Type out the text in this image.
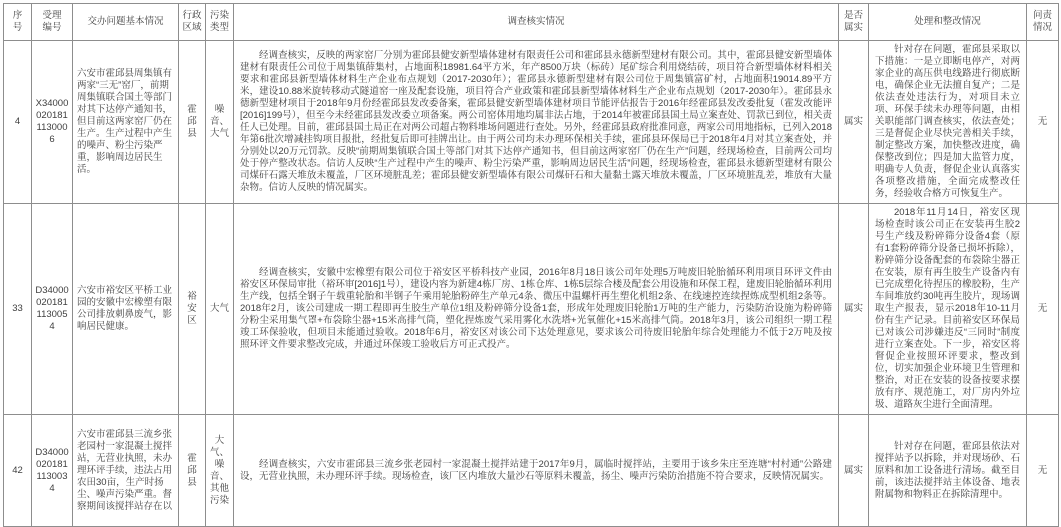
序号	受理编号	交办问题基本情况	行政区域	污染类型	调查核实情况	是否属实	处理和整改情况	问责情况
4	X340000201811130006	六安市霍邱县周集镇有两家“三无”窑厂，前期周集镇联合国土等部门对其下达停产通知书，但目前这两家窑厂仍在生产。生产过程中产生的噪声、粉尘污染严重，影响周边居民生活。	霍邱县	噪音、大气	经调查核实，反映的两家窑厂分别为霍邱县健安新型墙体建材有限责任公司和霍邱县永德新型建材有限公司。其中，霍邱县健安新型墙体建材有限责任公司位于周集镇薛集村，占地面积18981.64平方米，年产8500万块（标砖）尾矿综合利用烧结砖，项目符合新型墙体材料相关要求和霍邱县新型墙体材料生产企业布点规划（2017-2030年）；霍邱县永德新型建材有限公司位于周集镇富矿村，占地面积19014.89平方米，建设10.88米旋转移动式隧道窑一座及配套设施，项目符合产业政策和霍邱县新型墙体材料生产企业布点规划（2017-2030年）。霍邱县永德新型建材项目于2018年9月份经霍邱县发改委备案，霍邱县健安新型墙体建材项目节能评估报告于2016年经霍邱县发改委批复（霍发改能评[2016]199号），但至今未经霍邱县发改委立项备案。两公司窑体用地均属非法占地，于2014年被霍邱县国土局立案查处、罚款已到位，相关责任人已处理。目前，霍邱县国土局正在对两公司超占物料堆场问题进行查处。另外，经霍邱县政府批准同意，两家公司用地指标，已列入2018年第6批次增减挂钩项目报批，经批复后即可挂牌出让。由于两公司均未办理环保相关手续，霍邱县环保局已于2018年4月对其立案查处，并分别处以20万元罚款。反映“前期周集镇联合国土等部门对其下达停产通知书，但目前这两家窑厂仍在生产”问题，经现场检查，目前两公司均处于停产整改状态。信访人反映“生产过程中产生的噪声、粉尘污染严重，影响周边居民生活”问题，经现场检查，霍邱县永德新型建材有限公司煤矸石露天堆放未覆盖，厂区环境脏乱差；霍邱县健安新型墙体有限公司煤矸石和大量黏土露天堆放未覆盖，厂区环境脏乱差，堆放有大量杂物。信访人反映的情况属实。	属实	针对存在问题，霍邱县采取以下措施：一是立即断电停产，对两家企业的高压供电线路进行彻底断电，确保企业无法擅自复产；二是依法查处违法行为，对项目未立项、环保手续未办理等问题，由相关职能部门调查核实，依法查处；三是督促企业尽快完善相关手续，制定整改方案，加快整改进度，确保整改到位；四是加大监管力度，明确专人负责，督促企业认真落实各项整改措施，全面完成整改任务，经验收合格方可恢复生产。	无
33	D340000201811130054	六安市裕安区平桥工业园的安徽中宏橡塑有限公司排放刺鼻废气，影响居民健康。	裕安区	大气	经调查核实，安徽中宏橡塑有限公司位于裕安区平桥科技产业园，2016年8月18日该公司年处理5万吨废旧轮胎循环利用项目环评文件由裕安区环保局审批（裕环审[2016]1号），建设内容为新建4栋厂房、1栋仓库、1栋5层综合楼及配套公用设施和环保工程，建废旧轮胎循环利用生产线，包括全钢子午载重轮胎和半钢子午乘用轮胎粉碎生产单元4条、微压中温螺杆再生塑化机组2条、在线速控连续捏炼成型机组2条等。2018年2月，该公司建成一期工程即再生胶生产单位1组及粉碎筛分设备1套，形成年处理废旧轮胎1万吨的生产能力，污染防治设施为粉碎筛分粉尘采用集气罩+布袋除尘器+15米高排气筒，塑化捏炼废气采用雾化水洗塔+光氧催化+15米高排气筒。2018年3月，该公司组织一期工程竣工环保验收，但项目未能通过验收。2018年6月，裕安区对该公司下达处理意见，要求该公司待废旧轮胎年综合处理能力不低于2万吨及按照环评文件要求整改完成，并通过环保竣工验收后方可正式投产。	属实	2018年11月14日，裕安区现场检查时该公司正在安装再生胶2号生产线及粉碎筛分设备4套（原有1套粉碎筛分设备已损坏拆除），粉碎筛分设备配套的布袋除尘器正在安装，原有再生胶生产设备内有已完成塑化待捏压的橡胶粉，生产车间堆放约30吨再生胶片，现场调取生产报表，显示2018年10-11月份有生产记录。目前裕安区环保局已对该公司涉嫌违反“三同时”制度进行立案查处。下一步，裕安区将督促企业按照环评要求，整改到位，切实加强企业环境卫生管理和整治，对正在安装的设备按要求摆放有序、规范施工，对厂房内外垃圾、道路灰尘进行全面清理。	无
42	D340000201811130034	六安市霍邱县三流乡张老园村一家混凝土搅拌站，无营业执照，未办理环评手续，违法占用农田30亩，生产时扬尘、噪声污染严重。督察期间该搅拌站存在以	霍邱县	大气、噪音、其他污染	经调查核实，六安市霍邱县三流乡张老园村一家混凝土搅拌站建于2017年9月，属临时搅拌站，主要用于该乡朱庄至连塘“村村通”公路建设，无营业执照，未办理环评手续。现场检查，该厂区内堆放大量沙石等原料未覆盖，扬尘、噪声污染防治措施不符合要求，反映情况属实。	属实	针对存在问题，霍邱县依法对搅拌站予以拆除，并对现场砂、石原料和加工设备进行清场。截至目前，该违法搅拌站主体设备、地表附属物和物料正在拆除清理中。	无
